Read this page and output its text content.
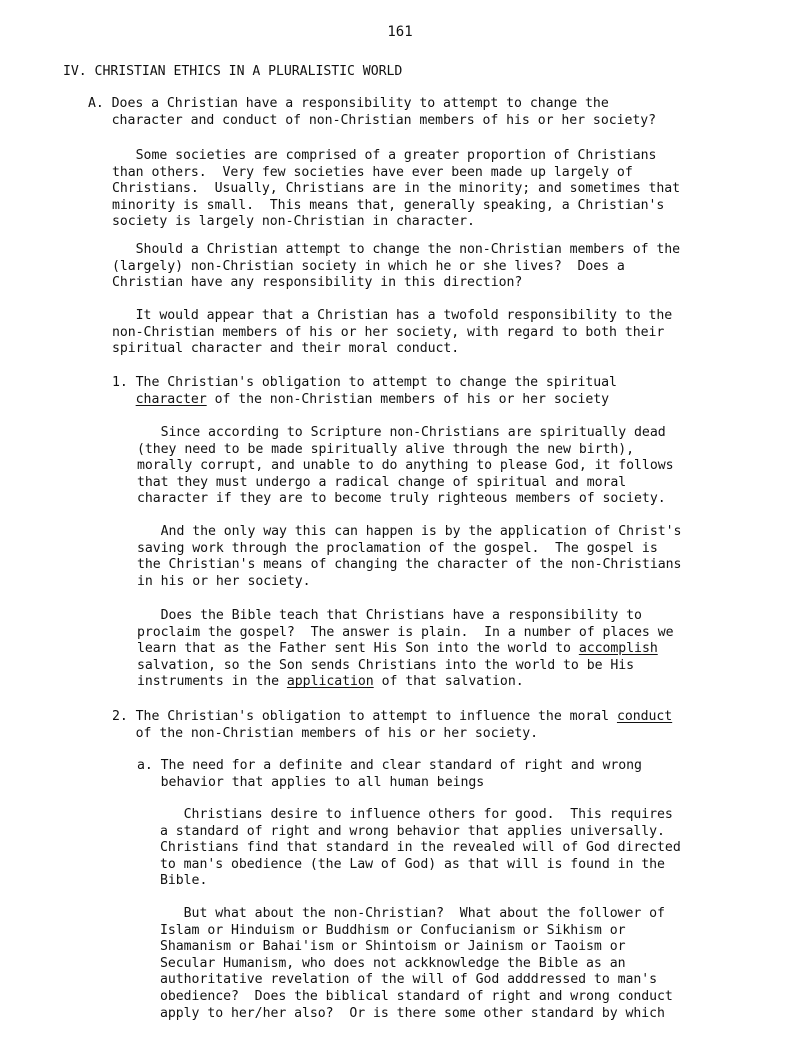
161
IV. CHRISTIAN ETHICS IN A PLURALISTIC WORLD
A. Does a Christian have a responsibility to attempt to change the
character and conduct of non-Christian members of his or her society?
Some societies are comprised of a greater proportion of Christians
than others.  Very few societies have ever been made up largely of
Christians.  Usually, Christians are in the minority; and sometimes that
minority is small.  This means that, generally speaking, a Christian's
society is largely non-Christian in character.
Should a Christian attempt to change the non-Christian members of the
(largely) non-Christian society in which he or she lives?  Does a
Christian have any responsibility in this direction?
It would appear that a Christian has a twofold responsibility to the
non-Christian members of his or her society, with regard to both their
spiritual character and their moral conduct.
1. The Christian's obligation to attempt to change the spiritual
character of the non-Christian members of his or her society
Since according to Scripture non-Christians are spiritually dead
(they need to be made spiritually alive through the new birth),
morally corrupt, and unable to do anything to please God, it follows
that they must undergo a radical change of spiritual and moral
character if they are to become truly righteous members of society.
And the only way this can happen is by the application of Christ's
saving work through the proclamation of the gospel.  The gospel is
the Christian's means of changing the character of the non-Christians
in his or her society.
Does the Bible teach that Christians have a responsibility to
proclaim the gospel?  The answer is plain.  In a number of places we
learn that as the Father sent His Son into the world to accomplish
salvation, so the Son sends Christians into the world to be His
instruments in the application of that salvation.
2. The Christian's obligation to attempt to influence the moral conduct
of the non-Christian members of his or her society.
a. The need for a definite and clear standard of right and wrong
behavior that applies to all human beings
Christians desire to influence others for good.  This requires
a standard of right and wrong behavior that applies universally.
Christians find that standard in the revealed will of God directed
to man's obedience (the Law of God) as that will is found in the
Bible.
But what about the non-Christian?  What about the follower of
Islam or Hinduism or Buddhism or Confucianism or Sikhism or
Shamanism or Bahai'ism or Shintoism or Jainism or Taoism or
Secular Humanism, who does not ackknowledge the Bible as an
authoritative revelation of the will of God adddressed to man's
obedience?  Does the biblical standard of right and wrong conduct
apply to her/her also?  Or is there some other standard by which
